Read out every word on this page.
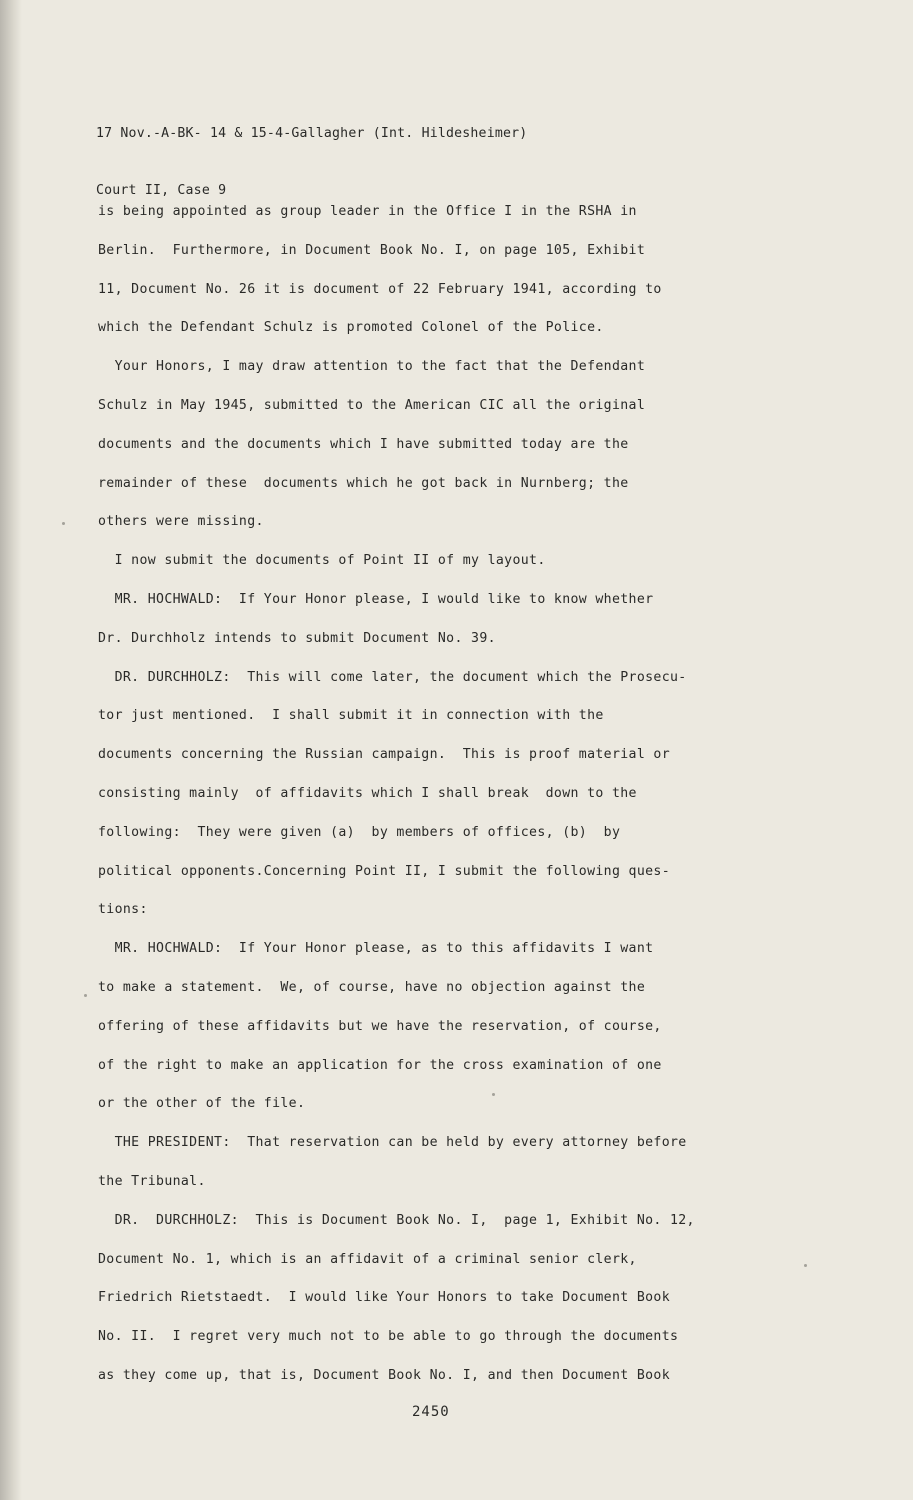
17 Nov.-A-BK- 14 & 15-4-Gallagher (Int. Hildesheimer)

Court II, Case 9

is being appointed as group leader in the Office I in the RSHA in
Berlin.  Furthermore, in Document Book No. I, on page 105, Exhibit
11, Document No. 26 it is document of 22 February 1941, according to
which the Defendant Schulz is promoted Colonel of the Police.
Your Honors, I may draw attention to the fact that the Defendant
Schulz in May 1945, submitted to the American CIC all the original
documents and the documents which I have submitted today are the
remainder of these  documents which he got back in Nurnberg; the
others were missing.
I now submit the documents of Point II of my layout.
MR. HOCHWALD:  If Your Honor please, I would like to know whether
Dr. Durchholz intends to submit Document No. 39.
DR. DURCHHOLZ:  This will come later, the document which the Prosecu-
tor just mentioned.  I shall submit it in connection with the
documents concerning the Russian campaign.  This is proof material or
consisting mainly  of affidavits which I shall break  down to the
following:  They were given (a)  by members of offices, (b)  by
political opponents.Concerning Point II, I submit the following ques-
tions:
MR. HOCHWALD:  If Your Honor please, as to this affidavits I want
to make a statement.  We, of course, have no objection against the
offering of these affidavits but we have the reservation, of course,
of the right to make an application for the cross examination of one
or the other of the file.
THE PRESIDENT:  That reservation can be held by every attorney before
the Tribunal.
DR.  DURCHHOLZ:  This is Document Book No. I,  page 1, Exhibit No. 12,
Document No. 1, which is an affidavit of a criminal senior clerk,
Friedrich Rietstaedt.  I would like Your Honors to take Document Book
No. II.  I regret very much not to be able to go through the documents
as they come up, that is, Document Book No. I, and then Document Book
2450
